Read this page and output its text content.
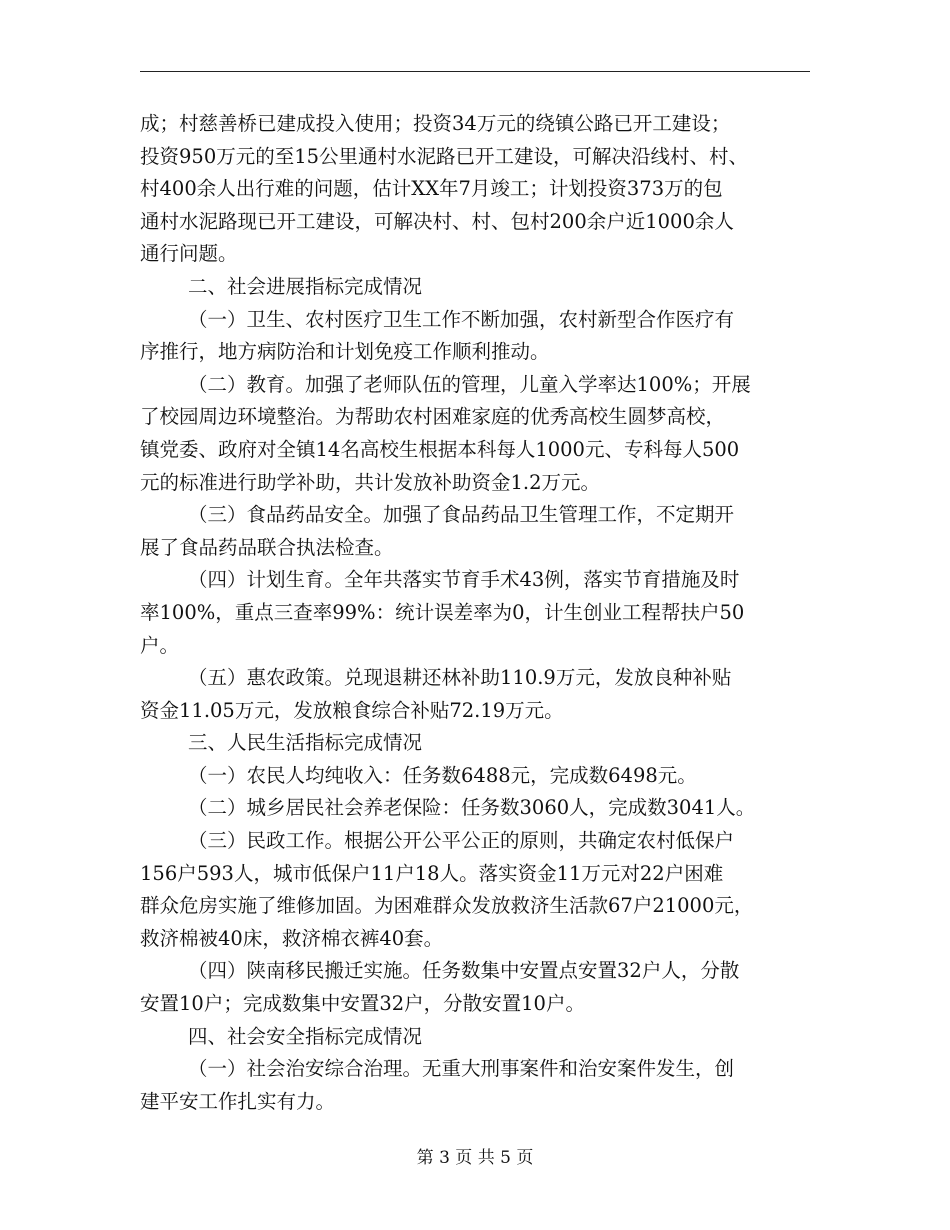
成；村慈善桥已建成投入使用；投资34万元的绕镇公路已开工建设；
投资950万元的至15公里通村水泥路已开工建设，可解决沿线村、村、
村400余人出行难的问题，估计XX年7月竣工；计划投资373万的包
通村水泥路现已开工建设，可解决村、村、包村200余户近1000余人
通行问题。
二、社会进展指标完成情况
（一）卫生、农村医疗卫生工作不断加强，农村新型合作医疗有
序推行，地方病防治和计划免疫工作顺利推动。
（二）教育。加强了老师队伍的管理，儿童入学率达100%；开展
了校园周边环境整治。为帮助农村困难家庭的优秀高校生圆梦高校，
镇党委、政府对全镇14名高校生根据本科每人1000元、专科每人500
元的标准进行助学补助，共计发放补助资金1.2万元。
（三）食品药品安全。加强了食品药品卫生管理工作，不定期开
展了食品药品联合执法检查。
（四）计划生育。全年共落实节育手术43例，落实节育措施及时
率100%，重点三查率99%：统计误差率为0，计生创业工程帮扶户50
户。
（五）惠农政策。兑现退耕还林补助110.9万元，发放良种补贴
资金11.05万元，发放粮食综合补贴72.19万元。
三、人民生活指标完成情况
（一）农民人均纯收入：任务数6488元，完成数6498元。
（二）城乡居民社会养老保险：任务数3060人，完成数3041人。
（三）民政工作。根据公开公平公正的原则，共确定农村低保户
156户593人，城市低保户11户18人。落实资金11万元对22户困难
群众危房实施了维修加固。为困难群众发放救济生活款67户21000元，
救济棉被40床，救济棉衣裤40套。
（四）陕南移民搬迁实施。任务数集中安置点安置32户人，分散
安置10户；完成数集中安置32户，分散安置10户。
四、社会安全指标完成情况
（一）社会治安综合治理。无重大刑事案件和治安案件发生，创
建平安工作扎实有力。
第 3 页 共 5 页
